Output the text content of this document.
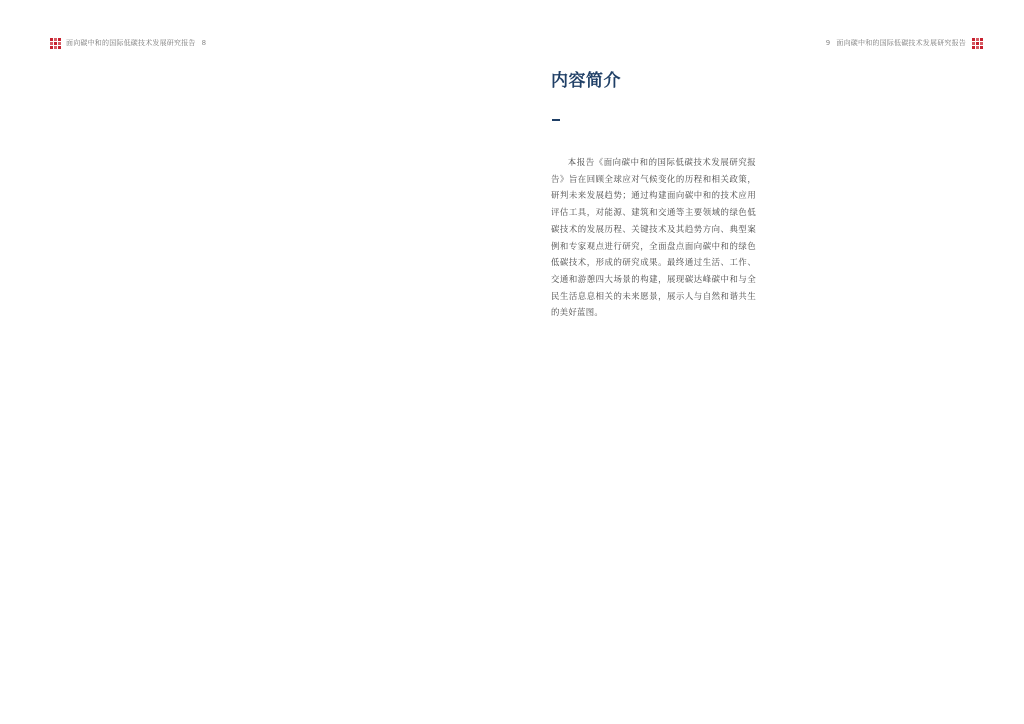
面向碳中和的国际低碳技术发展研究报告 8	9 面向碳中和的国际低碳技术发展研究报告
内容简介

本报告《面向碳中和的国际低碳技术发展研究报告》旨在回顾全球应对气候变化的历程和相关政策，研判未来发展趋势；通过构建面向碳中和的技术应用评估工具，对能源、建筑和交通等主要领域的绿色低碳技术的发展历程、关键技术及其趋势方向、典型案例和专家观点进行研究，全面盘点面向碳中和的绿色低碳技术，形成的研究成果。最终通过生活、工作、交通和游憩四大场景的构建，展现碳达峰碳中和与全民生活息息相关的未来愿景，展示人与自然和谐共生的美好蓝图。
